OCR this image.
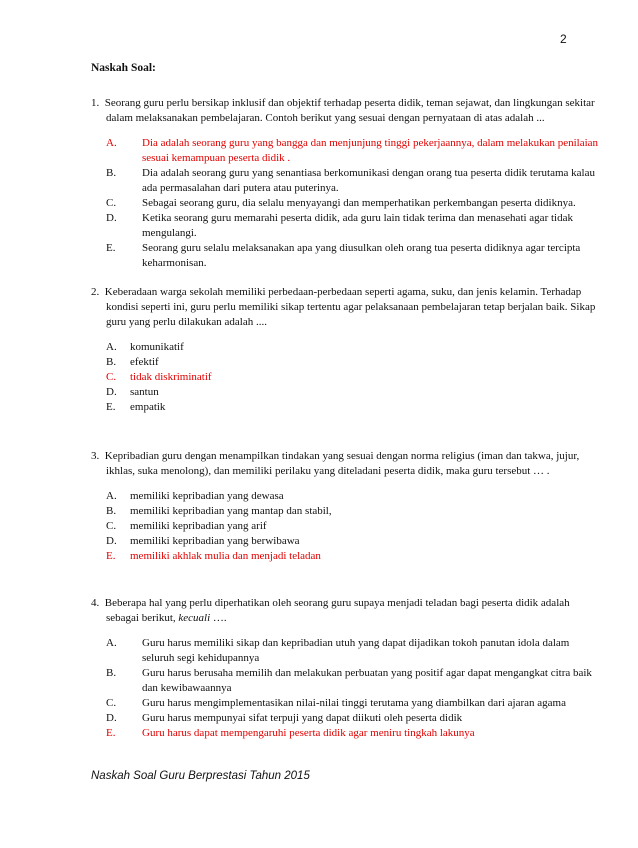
2
Naskah Soal:
1. Seorang guru perlu bersikap inklusif dan objektif terhadap peserta didik, teman sejawat, dan lingkungan sekitar dalam melaksanakan pembelajaran. Contoh berikut yang sesuai dengan pernyataan di atas adalah ...
A.	Dia adalah seorang guru yang bangga dan menjunjung tinggi pekerjaannya, dalam melakukan penilaian sesuai kemampuan peserta didik .
B.	Dia adalah seorang guru yang senantiasa berkomunikasi dengan orang tua peserta didik terutama kalau ada permasalahan dari putera atau puterinya.
C.	Sebagai seorang guru, dia selalu menyayangi dan memperhatikan perkembangan peserta didiknya.
D.	Ketika seorang guru memarahi peserta didik, ada guru lain tidak terima dan menasehati agar tidak mengulangi.
E.	Seorang guru selalu melaksanakan apa yang diusulkan oleh orang tua peserta didiknya agar tercipta keharmonisan.
2. Keberadaan warga sekolah memiliki perbedaan-perbedaan seperti agama, suku, dan jenis kelamin. Terhadap kondisi seperti ini, guru perlu memiliki sikap tertentu agar pelaksanaan pembelajaran tetap berjalan baik. Sikap guru yang perlu dilakukan adalah ....
A.	komunikatif
B.	efektif
C.	tidak diskriminatif
D.	santun
E.	empatik
3. Kepribadian guru dengan menampilkan tindakan yang sesuai dengan norma religius (iman dan takwa, jujur, ikhlas, suka menolong), dan memiliki perilaku yang diteladani peserta didik, maka guru tersebut … .
A.	memiliki kepribadian yang dewasa
B.	memiliki kepribadian yang mantap dan stabil,
C.	memiliki kepribadian yang arif
D.	memiliki kepribadian yang berwibawa
E.	memiliki akhlak mulia dan menjadi teladan
4. Beberapa hal yang perlu diperhatikan oleh seorang guru supaya menjadi teladan bagi peserta didik adalah sebagai berikut, kecuali ….
A.	Guru harus memiliki sikap dan kepribadian utuh yang dapat dijadikan tokoh panutan idola dalam seluruh segi kehidupannya
B.	Guru harus berusaha memilih dan melakukan perbuatan yang positif agar dapat mengangkat citra baik dan kewibawaannya
C.	Guru harus mengimplementasikan nilai-nilai tinggi terutama yang diambilkan dari ajaran agama
D.	Guru harus mempunyai sifat terpuji yang dapat diikuti oleh peserta didik
E.	Guru harus dapat mempengaruhi peserta didik agar meniru tingkah lakunya
Naskah Soal Guru Berprestasi Tahun 2015
